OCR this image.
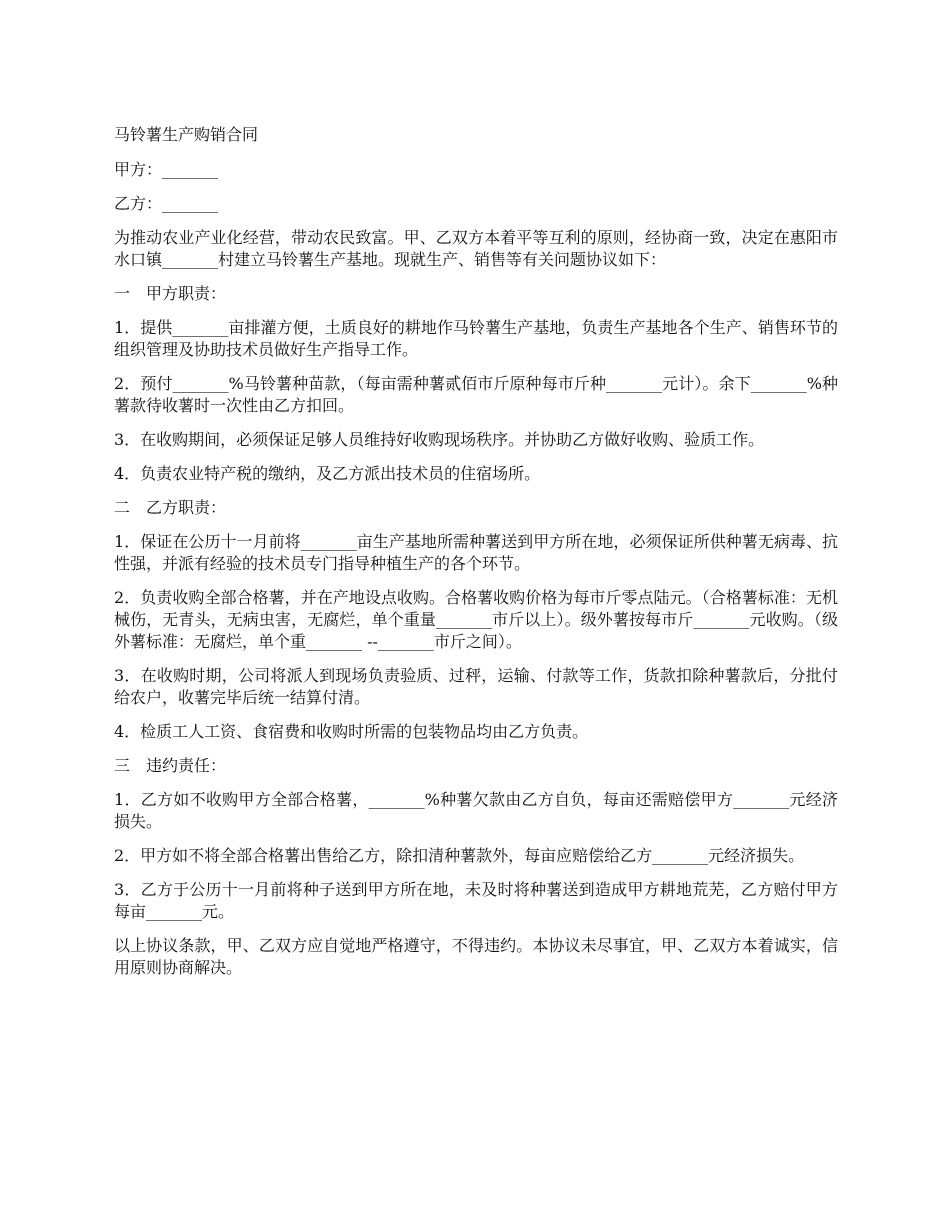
马铃薯生产购销合同

甲方：_______

乙方：_______

为推动农业产业化经营，带动农民致富。甲、乙双方本着平等互利的原则，经协商一致，决定在惠阳市水口镇_______村建立马铃薯生产基地。现就生产、销售等有关问题协议如下：

一　甲方职责：

1．提供_______亩排灌方便，土质良好的耕地作马铃薯生产基地，负责生产基地各个生产、销售环节的组织管理及协助技术员做好生产指导工作。

2．预付_______%马铃薯种苗款，（每亩需种薯贰佰市斤原种每市斤种_______元计）。余下_______%种薯款待收薯时一次性由乙方扣回。

3．在收购期间，必须保证足够人员维持好收购现场秩序。并协助乙方做好收购、验质工作。

4．负责农业特产税的缴纳，及乙方派出技术员的住宿场所。

二　乙方职责：

1．保证在公历十一月前将_______亩生产基地所需种薯送到甲方所在地，必须保证所供种薯无病毒、抗性强，并派有经验的技术员专门指导种植生产的各个环节。

2．负责收购全部合格薯，并在产地设点收购。合格薯收购价格为每市斤零点陆元。（合格薯标准：无机械伤，无青头，无病虫害，无腐烂，单个重量_______市斤以上）。级外薯按每市斤_______元收购。（级外薯标准：无腐烂，单个重_______ --_______市斤之间）。

3．在收购时期，公司将派人到现场负责验质、过秤，运输、付款等工作，货款扣除种薯款后，分批付给农户，收薯完毕后统一结算付清。

4．检质工人工资、食宿费和收购时所需的包装物品均由乙方负责。

三　违约责任：

1．乙方如不收购甲方全部合格薯，_______%种薯欠款由乙方自负，每亩还需赔偿甲方_______元经济损失。

2．甲方如不将全部合格薯出售给乙方，除扣清种薯款外，每亩应赔偿给乙方_______元经济损失。

3．乙方于公历十一月前将种子送到甲方所在地，未及时将种薯送到造成甲方耕地荒芜，乙方赔付甲方每亩_______元。

以上协议条款，甲、乙双方应自觉地严格遵守，不得违约。本协议未尽事宜，甲、乙双方本着诚实，信用原则协商解决。
